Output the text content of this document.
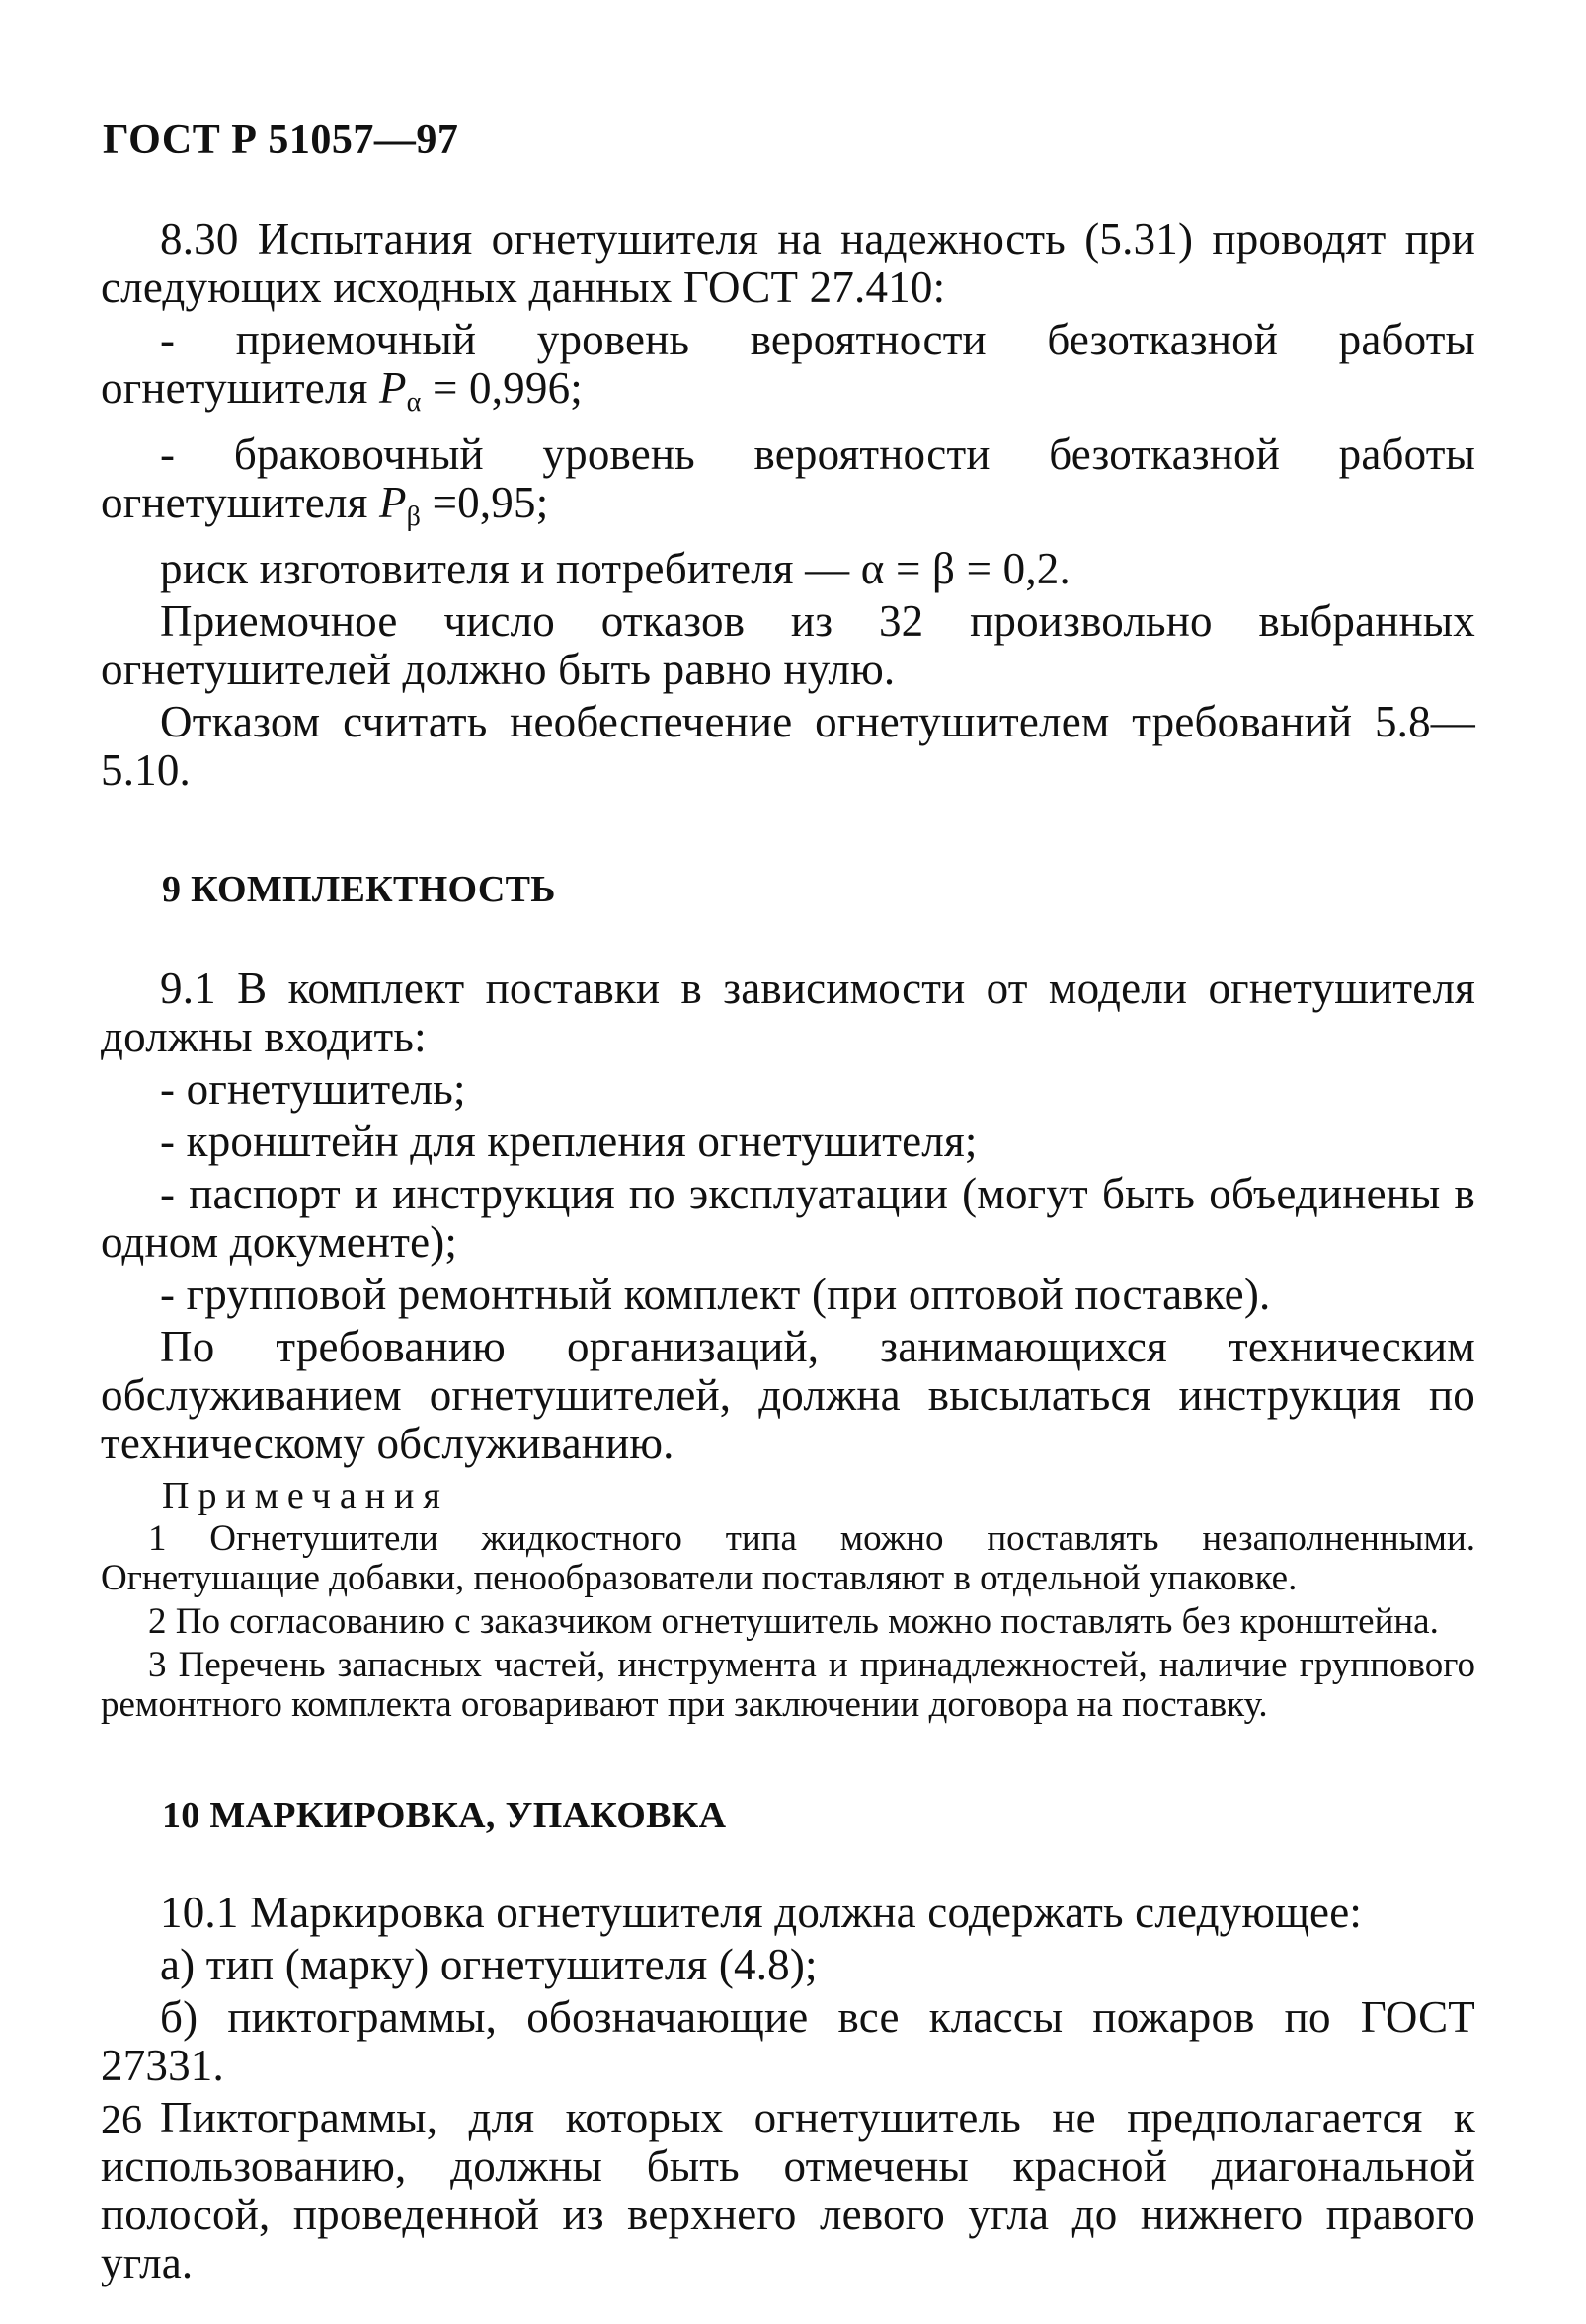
ГОСТ Р 51057—97

8.30 Испытания огнетушителя на надежность (5.31) проводят при следующих исходных данных ГОСТ 27.410:

- приемочный уровень вероятности безотказной работы огнетушителя $P_\alpha = 0,996$;

- браковочный уровень вероятности безотказной работы огнетушителя $P_\beta =0,95$;

риск изготовителя и потребителя — α = β = 0,2.

Приемочное число отказов из 32 произвольно выбранных огнетушителей должно быть равно нулю.

Отказом считать необеспечение огнетушителем требований 5.8—5.10.

9 КОМПЛЕКТНОСТЬ

9.1 В комплект поставки в зависимости от модели огнетушителя должны входить:

- огнетушитель;

- кронштейн для крепления огнетушителя;

- паспорт и инструкция по эксплуатации (могут быть объединены в одном документе);

- групповой ремонтный комплект (при оптовой поставке).

По требованию организаций, занимающихся техническим обслуживанием огнетушителей, должна высылаться инструкция по техническому обслуживанию.

Примечания

1 Огнетушители жидкостного типа можно поставлять незаполненными. Огнетушащие добавки, пенообразователи поставляют в отдельной упаковке.

2 По согласованию с заказчиком огнетушитель можно поставлять без кронштейна.

3 Перечень запасных частей, инструмента и принадлежностей, наличие группового ремонтного комплекта оговаривают при заключении договора на поставку.

10 МАРКИРОВКА, УПАКОВКА

10.1 Маркировка огнетушителя должна содержать следующее:

а) тип (марку) огнетушителя (4.8);

б) пиктограммы, обозначающие все классы пожаров по ГОСТ 27331.

Пиктограммы, для которых огнетушитель не предполагается к использованию, должны быть отмечены красной диагональной полосой, проведенной из верхнего левого угла до нижнего правого угла.

26
